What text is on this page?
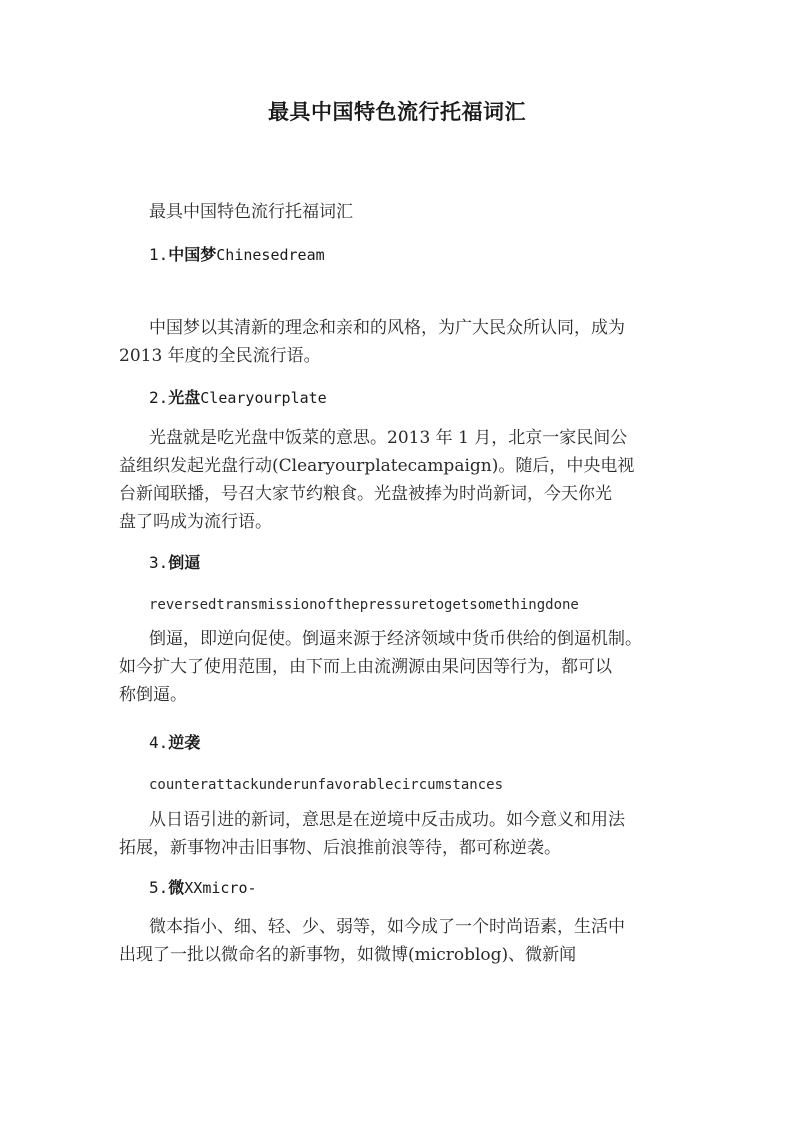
最具中国特色流行托福词汇
最具中国特色流行托福词汇
1.中国梦Chinesedream
中国梦以其清新的理念和亲和的风格，为广大民众所认同，成为
2013 年度的全民流行语。
2.光盘Clearyourplate
光盘就是吃光盘中饭菜的意思。2013 年 1 月，北京一家民间公
益组织发起光盘行动(Clearyourplatecampaign)。随后，中央电视
台新闻联播，号召大家节约粮食。光盘被捧为时尚新词，今天你光
盘了吗成为流行语。
3.倒逼
reversedtransmissionofthepressuretogetsomethingdone
倒逼，即逆向促使。倒逼来源于经济领域中货币供给的倒逼机制。
如今扩大了使用范围，由下而上由流溯源由果问因等行为，都可以
称倒逼。
4.逆袭
counterattackunderunfavorablecircumstances
从日语引进的新词，意思是在逆境中反击成功。如今意义和用法
拓展，新事物冲击旧事物、后浪推前浪等待，都可称逆袭。
5.微XXmicro-
微本指小、细、轻、少、弱等，如今成了一个时尚语素，生活中
出现了一批以微命名的新事物，如微博(microblog)、微新闻
